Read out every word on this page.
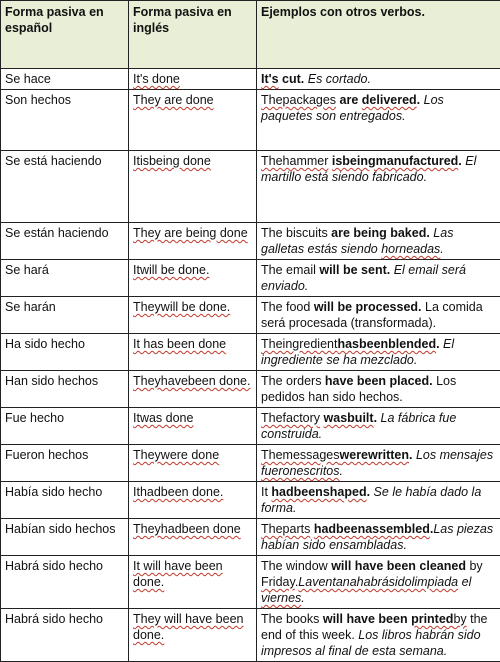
Forma pasiva en español	Forma pasiva en inglés	Ejemplos con otros verbos.
Se hace	It's done	It's cut. Es cortado.
Son hechos	They are done	Thepackages are delivered. Los paquetes son entregados.
Se está haciendo	Itisbeing done	Thehammer isbeingmanufactured. El martillo está siendo fabricado.
Se están haciendo	They are being done	The biscuits are being baked. Las galletas estás siendo horneadas.
Se hará	Itwill be done.	The email will be sent. El email será enviado.
Se harán	Theywill be done.	The food will be processed. La comida será procesada (transformada).
Ha sido hecho	It has been done	Theingredienthasbeenblended. El ingrediente se ha mezclado.
Han sido hechos	Theyhavebeen done.	The orders have been placed. Los pedidos han sido hechos.
Fue hecho	Itwas done	Thefactory wasbuilt. La fábrica fue construida.
Fueron hechos	Theywere done	Themessageswerewritten. Los mensajes fueronescritos.
Había sido hecho	Ithadbeen done.	It hadbeenshaped. Se le había dado la forma.
Habían sido hechos	Theyhadbeen done	Theparts hadbeenassembled.Las piezas habían sido ensambladas.
Habrá sido hecho	It will have been done.	The window will have been cleaned by Friday.Laventanahabrásidolimpiada el viernes.
Habrá sido hecho	They will have been done.	The books will have been printedby the end of this week. Los libros habrán sido impresos al final de esta semana.
